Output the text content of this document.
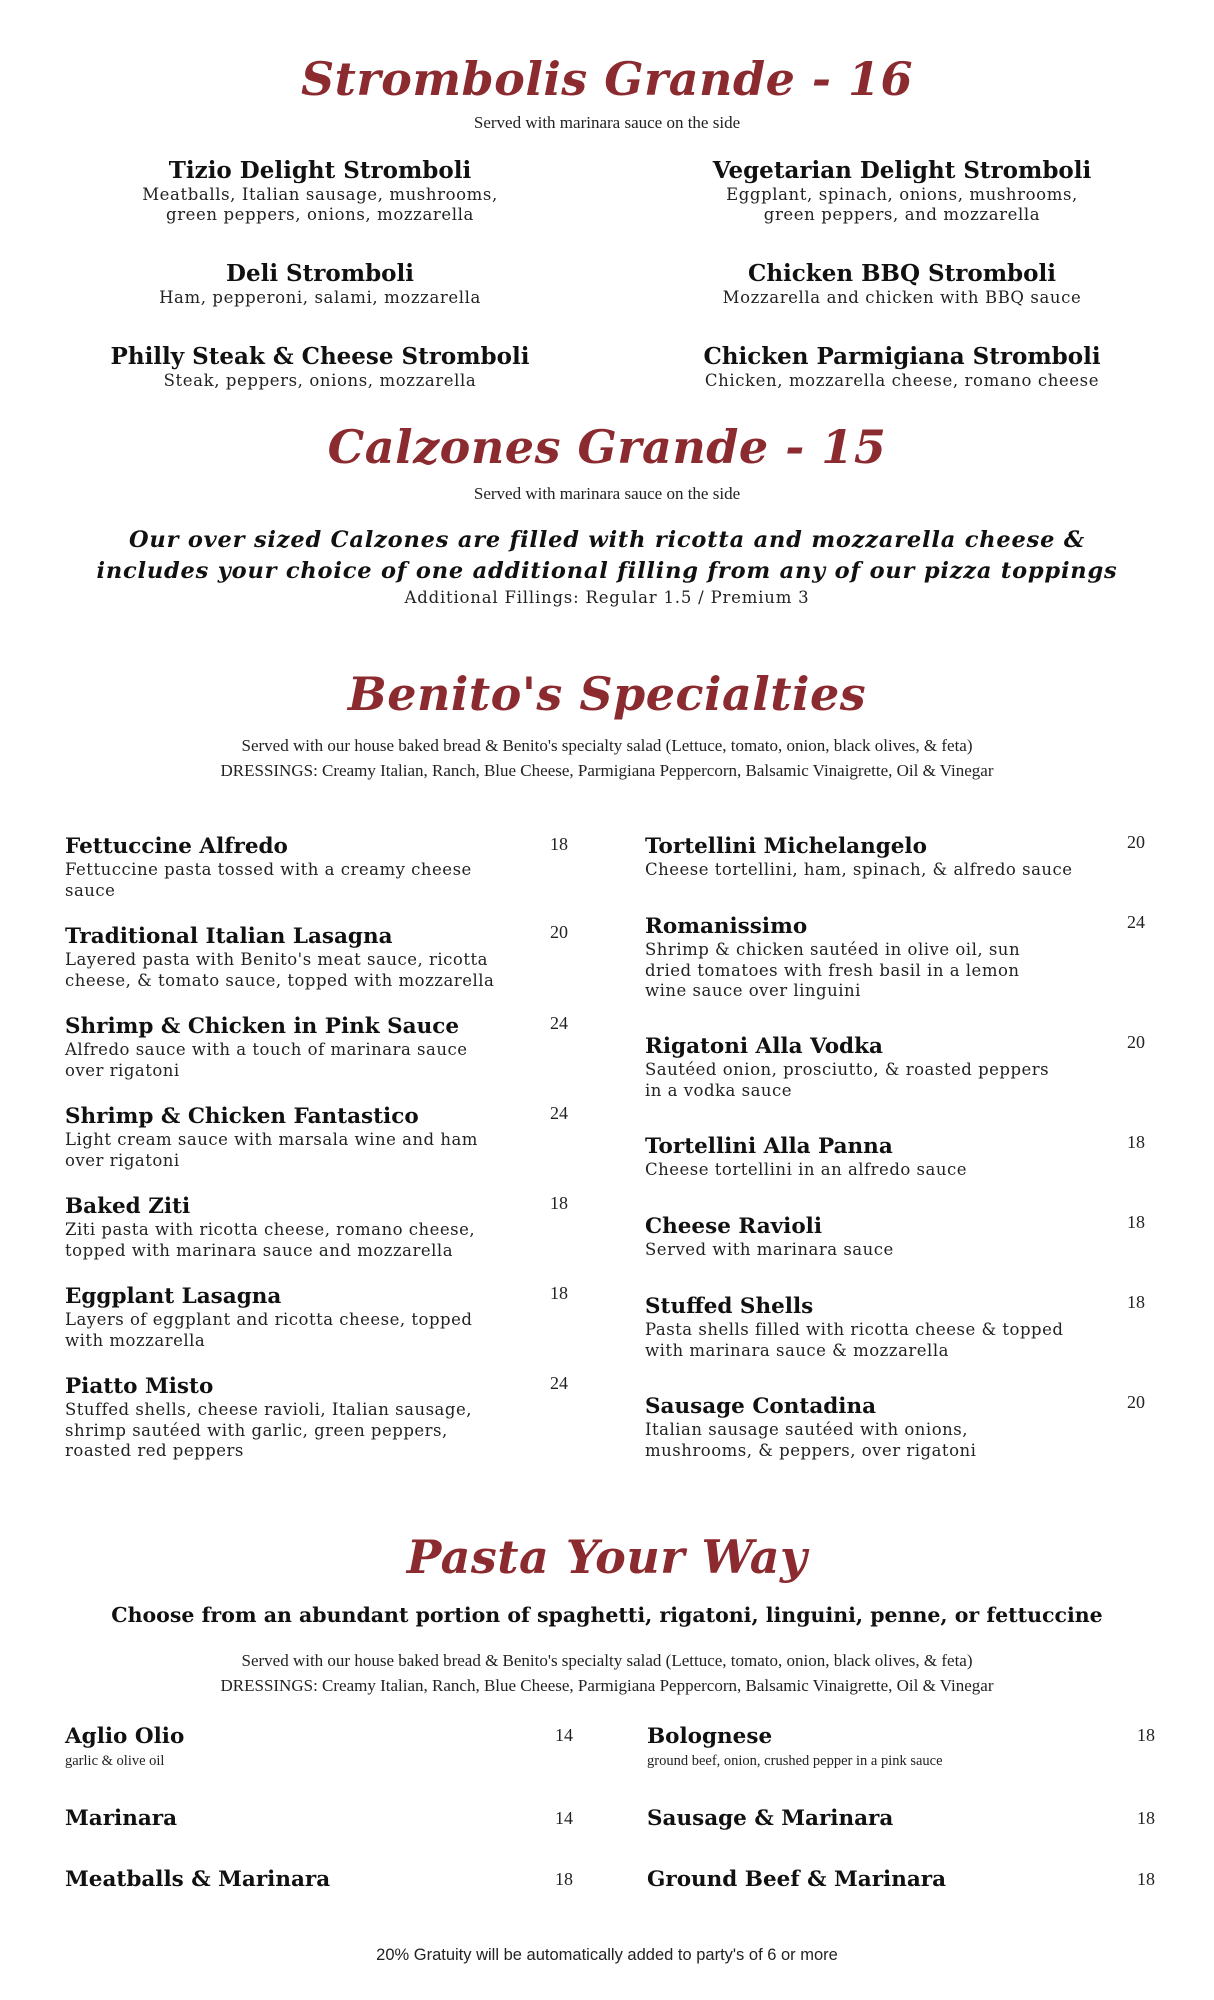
Strombolis Grande - 16
Served with marinara sauce on the side
Tizio Delight Stromboli
Meatballs, Italian sausage, mushrooms,
green peppers, onions, mozzarella
Deli Stromboli
Ham, pepperoni, salami, mozzarella
Philly Steak & Cheese Stromboli
Steak, peppers, onions, mozzarella
Vegetarian Delight Stromboli
Eggplant, spinach, onions, mushrooms,
green peppers, and mozzarella
Chicken BBQ Stromboli
Mozzarella and chicken with BBQ sauce
Chicken Parmigiana Stromboli
Chicken, mozzarella cheese, romano cheese
Calzones Grande - 15
Served with marinara sauce on the side
Our over sized Calzones are filled with ricotta and mozzarella cheese &
includes your choice of one additional filling from any of our pizza toppings
Additional Fillings: Regular 1.5 / Premium 3
Benito's Specialties
Served with our house baked bread & Benito's specialty salad (Lettuce, tomato, onion, black olives, & feta)
DRESSINGS: Creamy Italian, Ranch, Blue Cheese, Parmigiana Peppercorn, Balsamic Vinaigrette, Oil & Vinegar
Fettuccine Alfredo
Fettuccine pasta tossed with a creamy cheese
sauce
18
Traditional Italian Lasagna
Layered pasta with Benito's meat sauce, ricotta
cheese, & tomato sauce, topped with mozzarella
20
Shrimp & Chicken in Pink Sauce
Alfredo sauce with a touch of marinara sauce
over rigatoni
24
Shrimp & Chicken Fantastico
Light cream sauce with marsala wine and ham
over rigatoni
24
Baked Ziti
Ziti pasta with ricotta cheese, romano cheese,
topped with marinara sauce and mozzarella
18
Eggplant Lasagna
Layers of eggplant and ricotta cheese, topped
with mozzarella
18
Piatto Misto
Stuffed shells, cheese ravioli, Italian sausage,
shrimp sautéed with garlic, green peppers,
roasted red peppers
24
Tortellini Michelangelo
Cheese tortellini, ham, spinach, & alfredo sauce
20
Romanissimo
Shrimp & chicken sautéed in olive oil, sun
dried tomatoes with fresh basil in a lemon
wine sauce over linguini
24
Rigatoni Alla Vodka
Sautéed onion, prosciutto, & roasted peppers
in a vodka sauce
20
Tortellini Alla Panna
Cheese tortellini in an alfredo sauce
18
Cheese Ravioli
Served with marinara sauce
18
Stuffed Shells
Pasta shells filled with ricotta cheese & topped
with marinara sauce & mozzarella
18
Sausage Contadina
Italian sausage sautéed with onions,
mushrooms, & peppers, over rigatoni
20
Pasta Your Way
Choose from an abundant portion of spaghetti, rigatoni, linguini, penne, or fettuccine
Served with our house baked bread & Benito's specialty salad (Lettuce, tomato, onion, black olives, & feta)
DRESSINGS: Creamy Italian, Ranch, Blue Cheese, Parmigiana Peppercorn, Balsamic Vinaigrette, Oil & Vinegar
Aglio Olio	14
garlic & olive oil
Marinara	14
Meatballs & Marinara	18
Bolognese	18
ground beef, onion, crushed pepper in a pink sauce
Sausage & Marinara	18
Ground Beef & Marinara	18
20% Gratuity will be automatically added to party's of 6 or more
